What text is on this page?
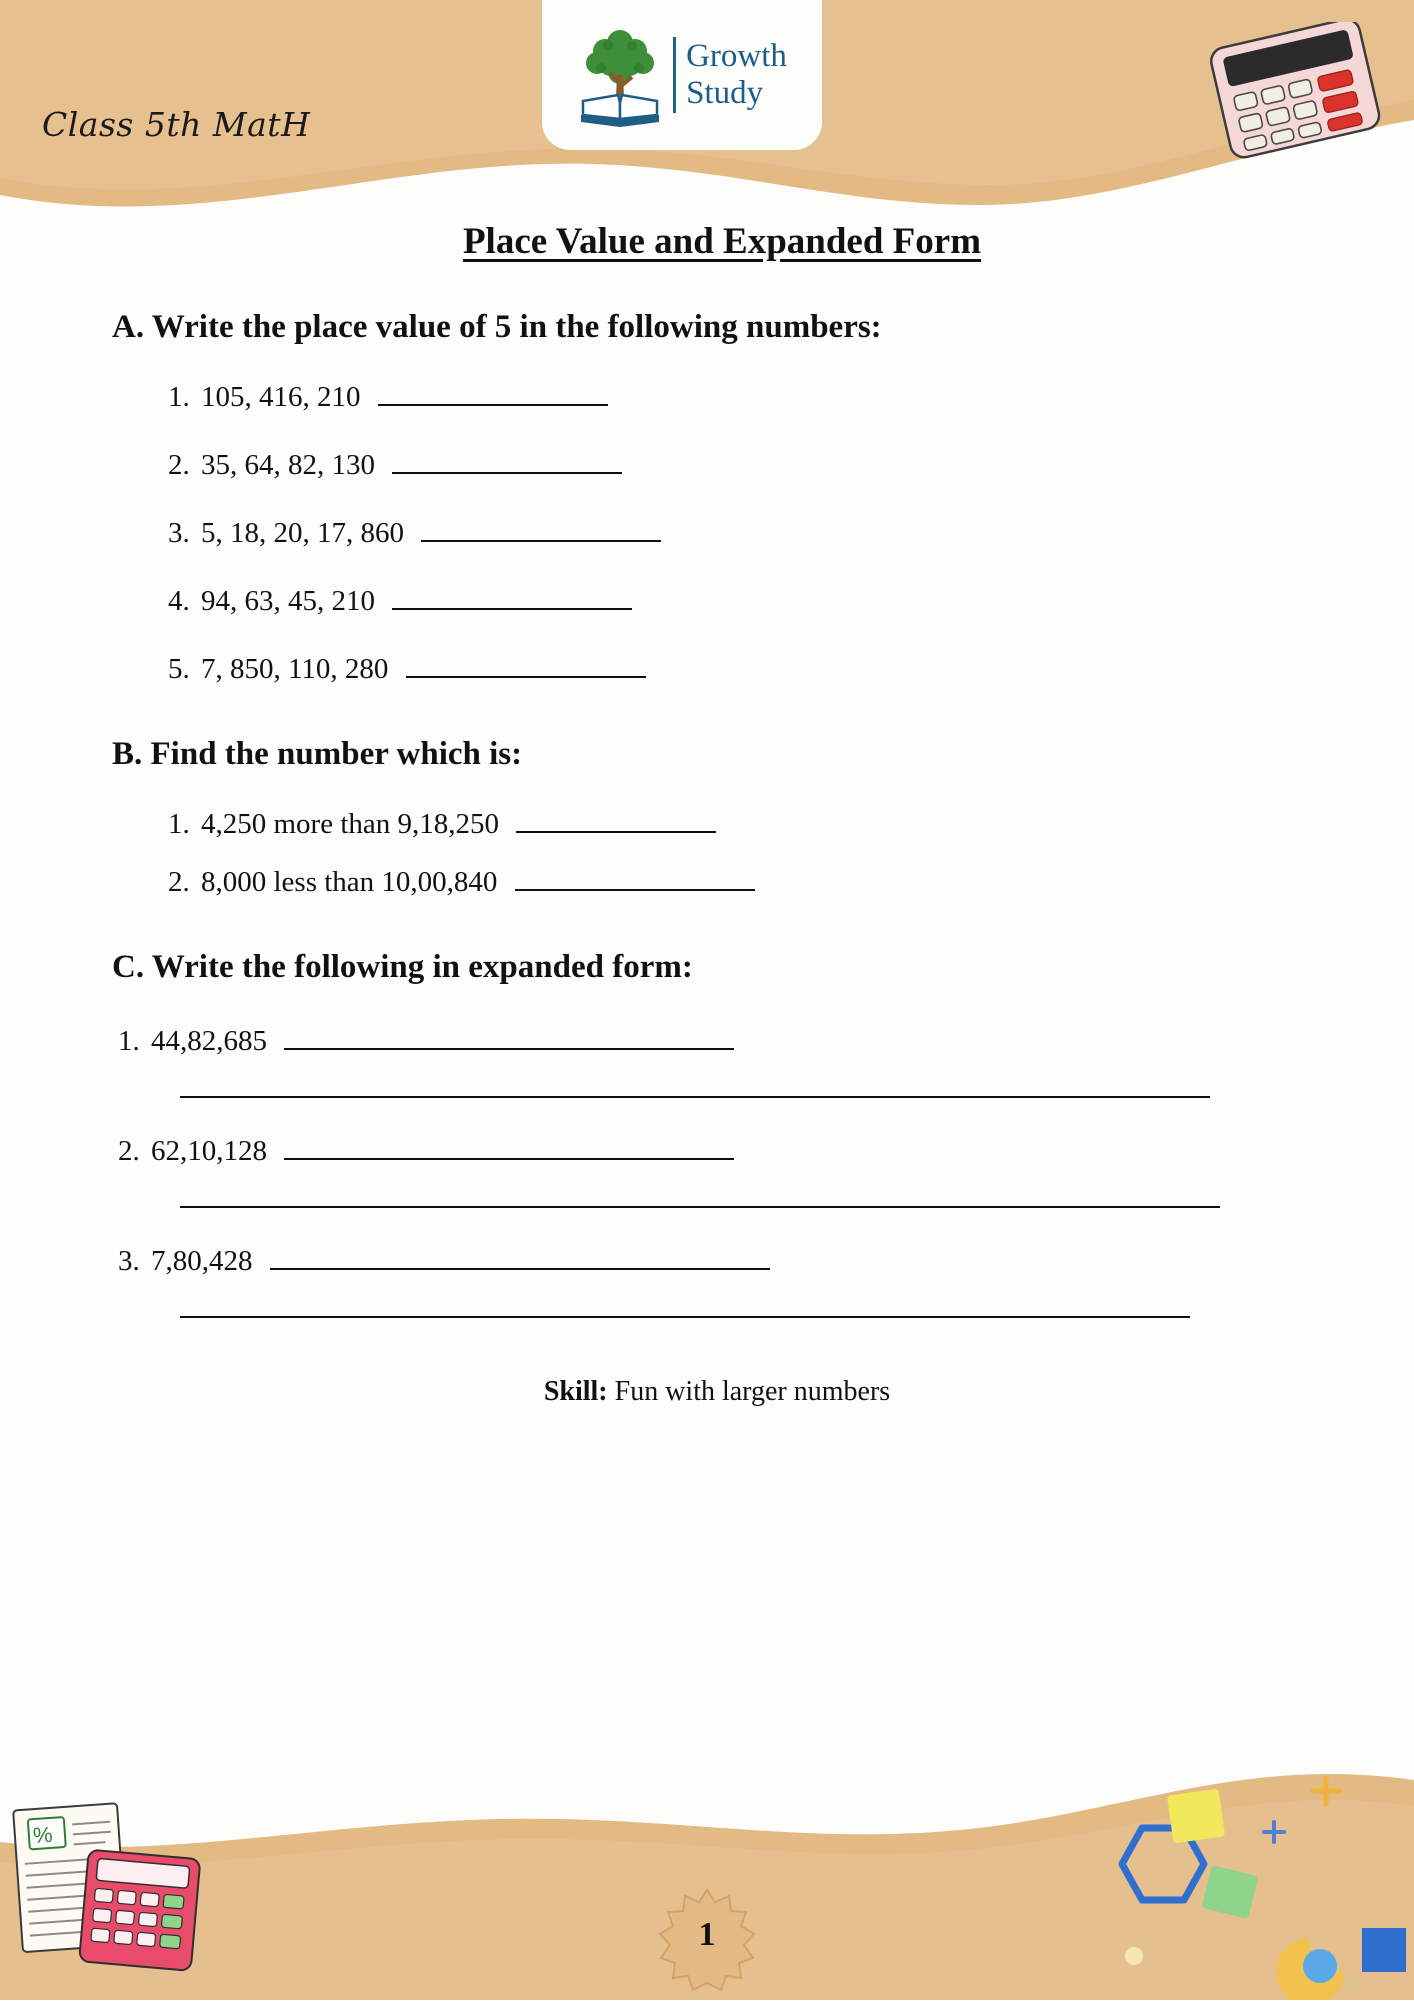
Class 5th MatH
Growth
Study
Place Value and Expanded Form
A. Write the place value of 5 in the following numbers:
1. 105, 416, 210
2. 35, 64, 82, 130
3. 5, 18, 20, 17, 860
4. 94, 63, 45, 210
5. 7, 850, 110, 280
B. Find the number which is:
1. 4,250 more than 9,18,250
2. 8,000 less than 10,00,840
C. Write the following in expanded form:
1. 44,82,685
2. 62,10,128
3. 7,80,428
Skill: Fun with larger numbers
%
1
